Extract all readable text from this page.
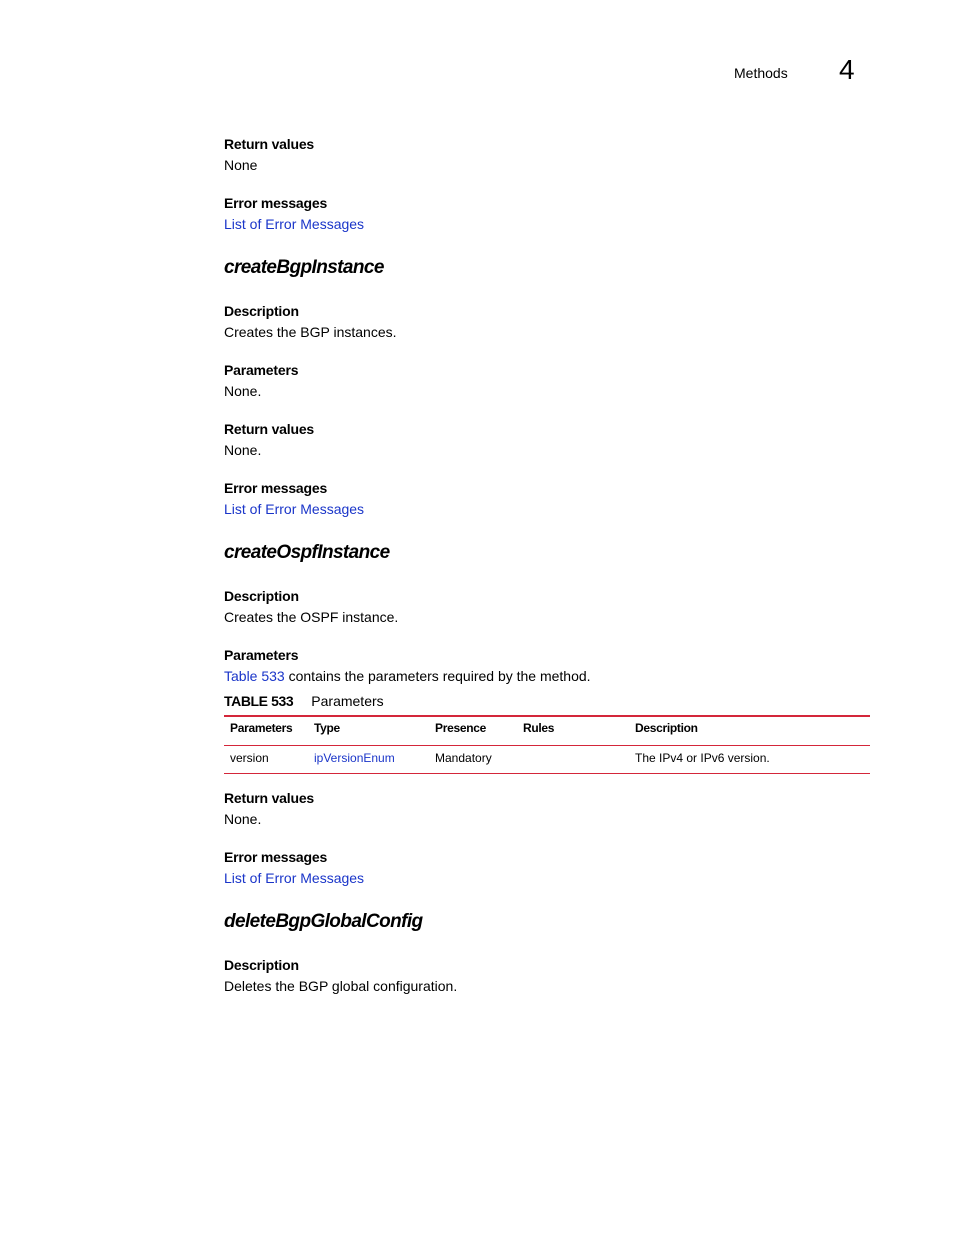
Methods 4
Return values
None
Error messages
List of Error Messages
createBgpInstance
Description
Creates the BGP instances.
Parameters
None.
Return values
None.
Error messages
List of Error Messages
createOspfInstance
Description
Creates the OSPF instance.
Parameters
Table 533 contains the parameters required by the method.
TABLE 533 Parameters
Parameters	Type	Presence	Rules	Description
version	ipVersionEnum	Mandatory		The IPv4 or IPv6 version.
Return values
None.
Error messages
List of Error Messages
deleteBgpGlobalConfig
Description
Deletes the BGP global configuration.
